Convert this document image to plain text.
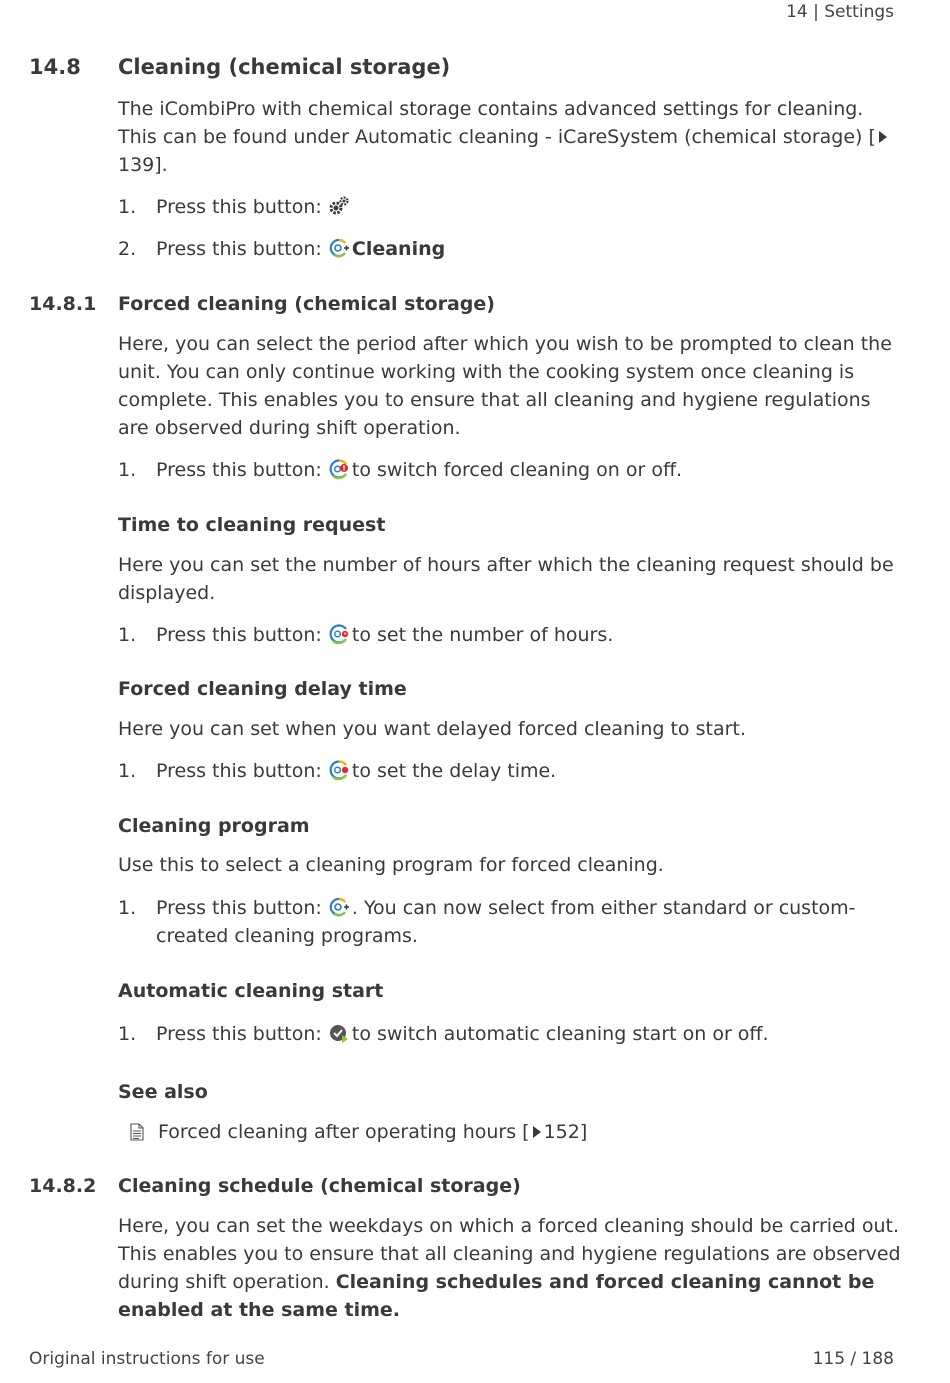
14 | Settings
14.8 Cleaning (chemical storage)
The iCombiPro with chemical storage contains advanced settings for cleaning. This can be found under Automatic cleaning - iCareSystem (chemical storage) [139].
1. Press this button:
2. Press this button: Cleaning
14.8.1 Forced cleaning (chemical storage)
Here, you can select the period after which you wish to be prompted to clean the unit. You can only continue working with the cooking system once cleaning is complete. This enables you to ensure that all cleaning and hygiene regulations are observed during shift operation.
1. Press this button: to switch forced cleaning on or off.
Time to cleaning request
Here you can set the number of hours after which the cleaning request should be displayed.
1. Press this button: to set the number of hours.
Forced cleaning delay time
Here you can set when you want delayed forced cleaning to start.
1. Press this button: to set the delay time.
Cleaning program
Use this to select a cleaning program for forced cleaning.
1. Press this button: . You can now select from either standard or custom-
created cleaning programs.
Automatic cleaning start
1. Press this button: to switch automatic cleaning start on or off.
See also
Forced cleaning after operating hours [ 152]
14.8.2 Cleaning schedule (chemical storage)
Here, you can set the weekdays on which a forced cleaning should be carried out. This enables you to ensure that all cleaning and hygiene regulations are observed during shift operation. Cleaning schedules and forced cleaning cannot be enabled at the same time.
Original instructions for use	115 / 188
